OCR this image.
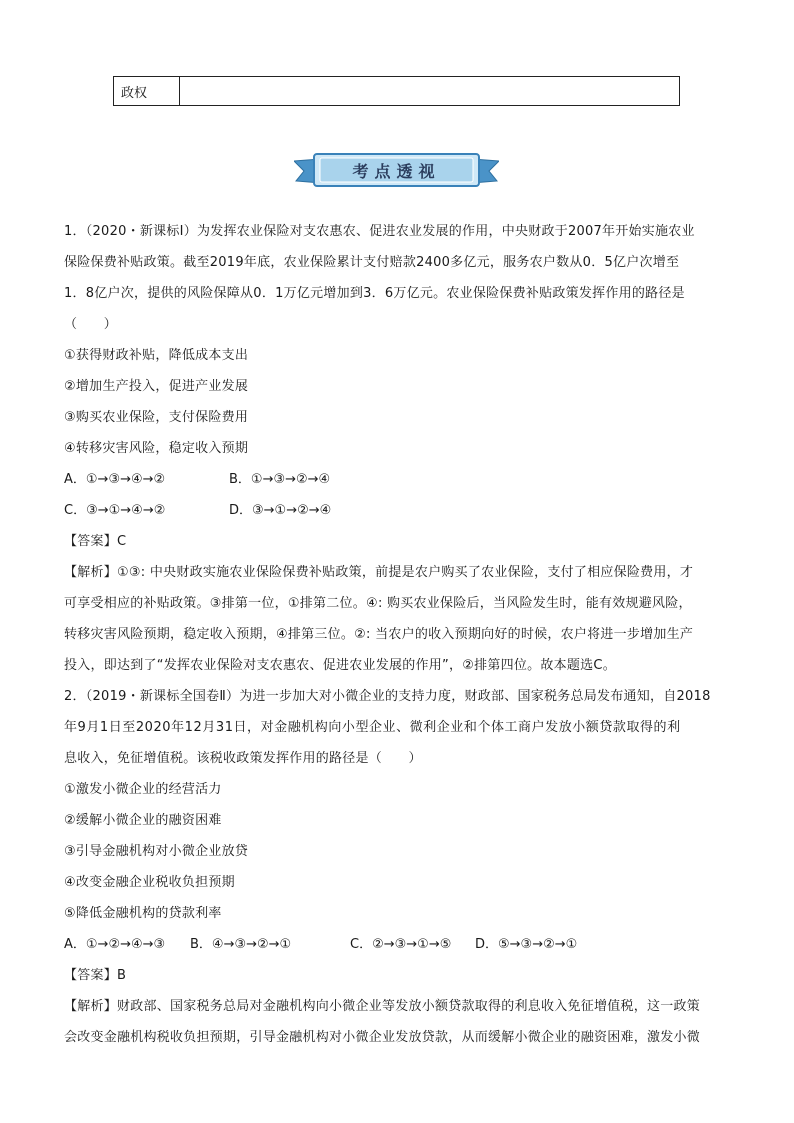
政权
考点透视
1．（2020・新课标Ⅰ）为发挥农业保险对支农惠农、促进农业发展的作用，中央财政于2007年开始实施农业
保险保费补贴政策。截至2019年底，农业保险累计支付赔款2400多亿元，服务农户数从0．5亿户次增至
1．8亿户次，提供的风险保障从0．1万亿元增加到3．6万亿元。农业保险保费补贴政策发挥作用的路径是
（　　）
①获得财政补贴，降低成本支出
②增加生产投入，促进产业发展
③购买农业保险，支付保险费用
④转移灾害风险，稳定收入预期
A．①→③→④→②	B．①→③→②→④
C．③→①→④→②	D．③→①→②→④
【答案】C
【解析】①③: 中央财政实施农业保险保费补贴政策，前提是农户购买了农业保险，支付了相应保险费用，才
可享受相应的补贴政策。③排第一位，①排第二位。④: 购买农业保险后，当风险发生时，能有效规避风险，
转移灾害风险预期，稳定收入预期，④排第三位。②: 当农户的收入预期向好的时候，农户将进一步增加生产
投入，即达到了“发挥农业保险对支农惠农、促进农业发展的作用”，②排第四位。故本题选C。
2．（2019・新课标全国卷Ⅱ）为进一步加大对小微企业的支持力度，财政部、国家税务总局发布通知，自2018
年9月1日至2020年12月31日，对金融机构向小型企业、微利企业和个体工商户发放小额贷款取得的利
息收入，免征增值税。该税收政策发挥作用的路径是（　　）
①激发小微企业的经营活力
②缓解小微企业的融资困难
③引导金融机构对小微企业放贷
④改变金融企业税收负担预期
⑤降低金融机构的贷款利率
A．①→②→④→③	B．④→③→②→①	C．②→③→①→⑤	D．⑤→③→②→①
【答案】B
【解析】财政部、国家税务总局对金融机构向小微企业等发放小额贷款取得的利息收入免征增值税，这一政策
会改变金融机构税收负担预期，引导金融机构对小微企业发放贷款，从而缓解小微企业的融资困难，激发小微
